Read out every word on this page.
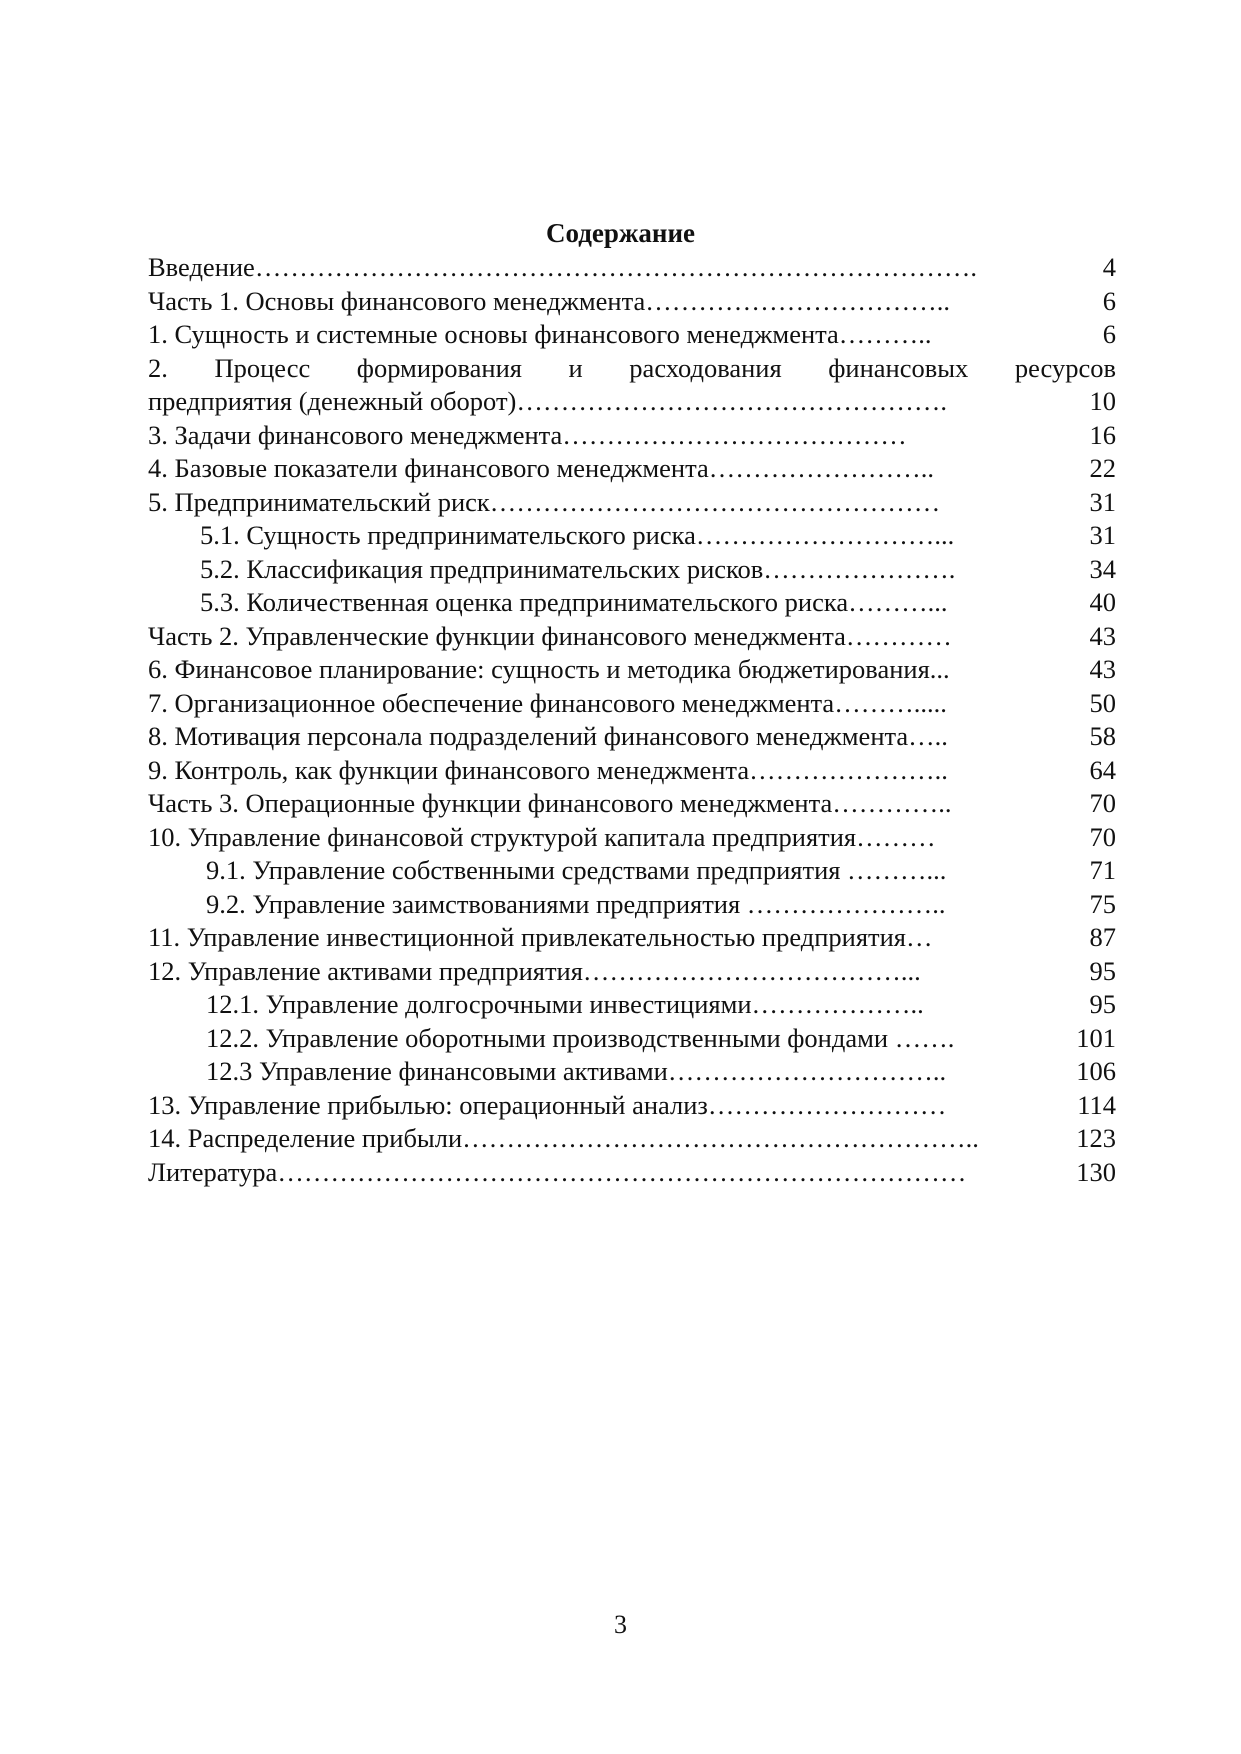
Содержание
Введение……………………………………………………………………….	4
Часть 1. Основы финансового менеджмента……………………………..	6
1. Сущность и системные основы финансового менеджмента………..	6
2. Процесс формирования и расходования финансовых ресурсов
предприятия (денежный оборот)………………………………………….	10
3. Задачи финансового менеджмента…………………………………	16
4. Базовые показатели финансового менеджмента……………………..	22
5. Предпринимательский риск……………………………………………	31
5.1. Сущность предпринимательского риска………………………...	31
5.2. Классификация предпринимательских рисков………………….	34
5.3. Количественная оценка предпринимательского риска………...	40
Часть 2. Управленческие функции финансового менеджмента…………	43
6. Финансовое планирование: сущность и методика бюджетирования...	43
7. Организационное обеспечение финансового менеджмента……….....	50
8. Мотивация персонала подразделений финансового менеджмента…..	58
9. Контроль, как функции финансового менеджмента…………………..	64
Часть 3. Операционные функции финансового менеджмента…………..	70
10. Управление финансовой структурой капитала предприятия………	70
9.1. Управление собственными средствами предприятия ………...	71
9.2. Управление заимствованиями предприятия …………………..	75
11. Управление инвестиционной привлекательностью предприятия…	87
12. Управление активами предприятия………………………………...	95
12.1. Управление долгосрочными инвестициями………………..	95
12.2. Управление оборотными производственными фондами …….	101
12.3 Управление финансовыми активами…………………………..	106
13. Управление прибылью: операционный анализ………………………	114
14. Распределение прибыли…………………………………………………..	123
Литература……………………………………………………………………	130
3
